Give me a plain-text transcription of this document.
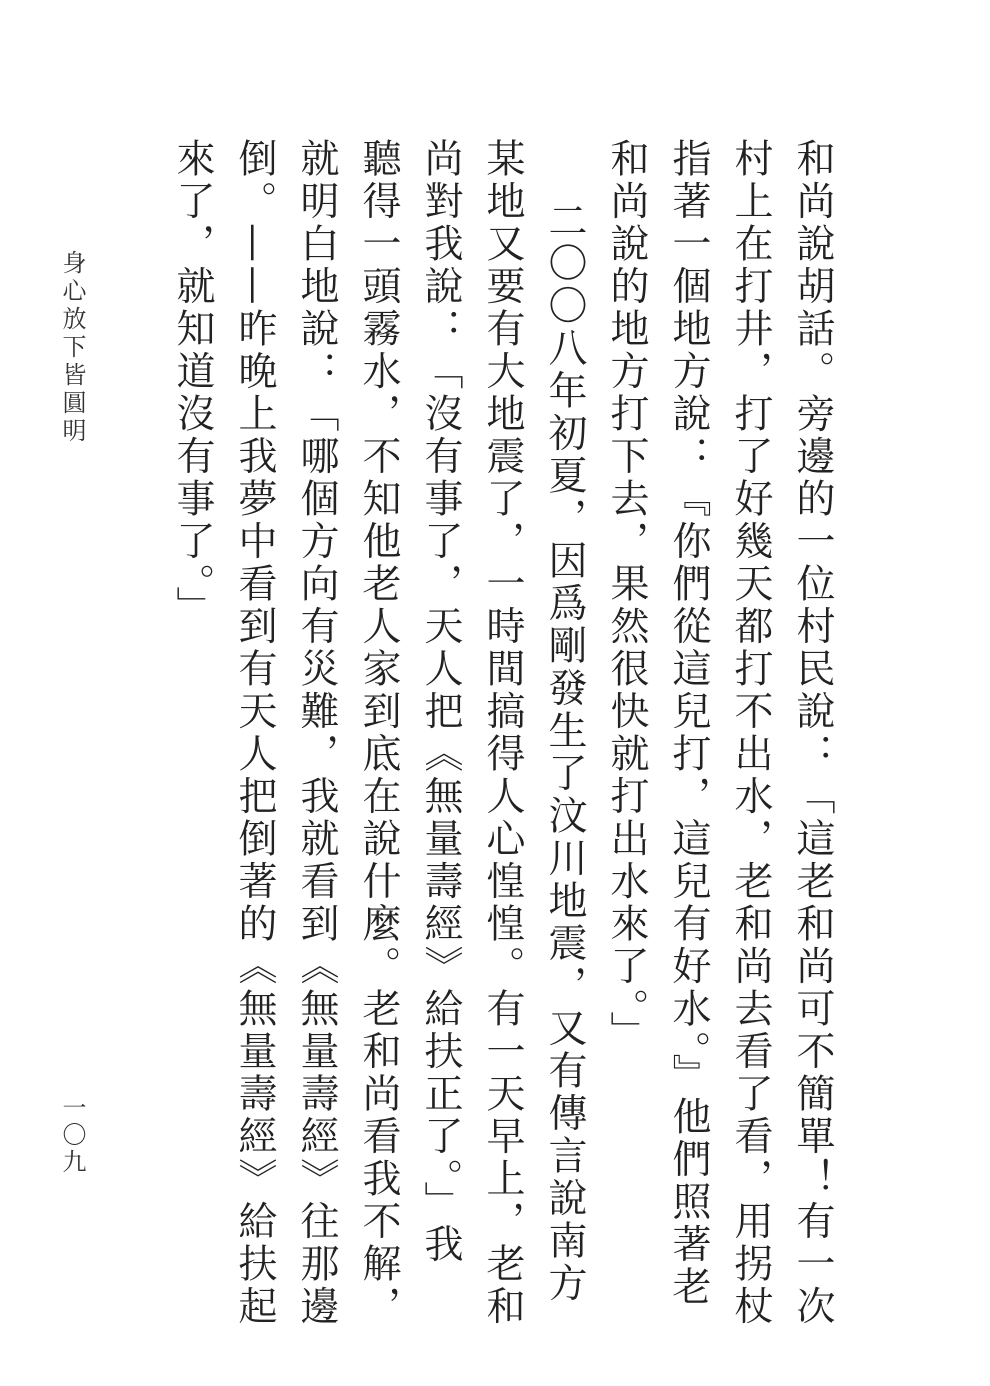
和尚說胡話。旁邊的一位村民說：「這老和尚可不簡單！有一次
村上在打井，打了好幾天都打不出水，老和尚去看了看，用拐杖
指著一個地方說：『你們從這兒打，這兒有好水。』他們照著老
和尚說的地方打下去，果然很快就打出水來了。」
二〇〇八年初夏，因爲剛發生了汶川地震，又有傳言說南方
某地又要有大地震了，一時間搞得人心惶惶。有一天早上，老和
尚對我說：「沒有事了，天人把《無量壽經》給扶正了。」我
聽得一頭霧水，不知他老人家到底在說什麼。老和尚看我不解，
就明白地說：「哪個方向有災難，我就看到《無量壽經》往那邊
倒。——昨晚上我夢中看到有天人把倒著的《無量壽經》給扶起
來了，就知道沒有事了。」
身心放下皆圓明
一〇九
